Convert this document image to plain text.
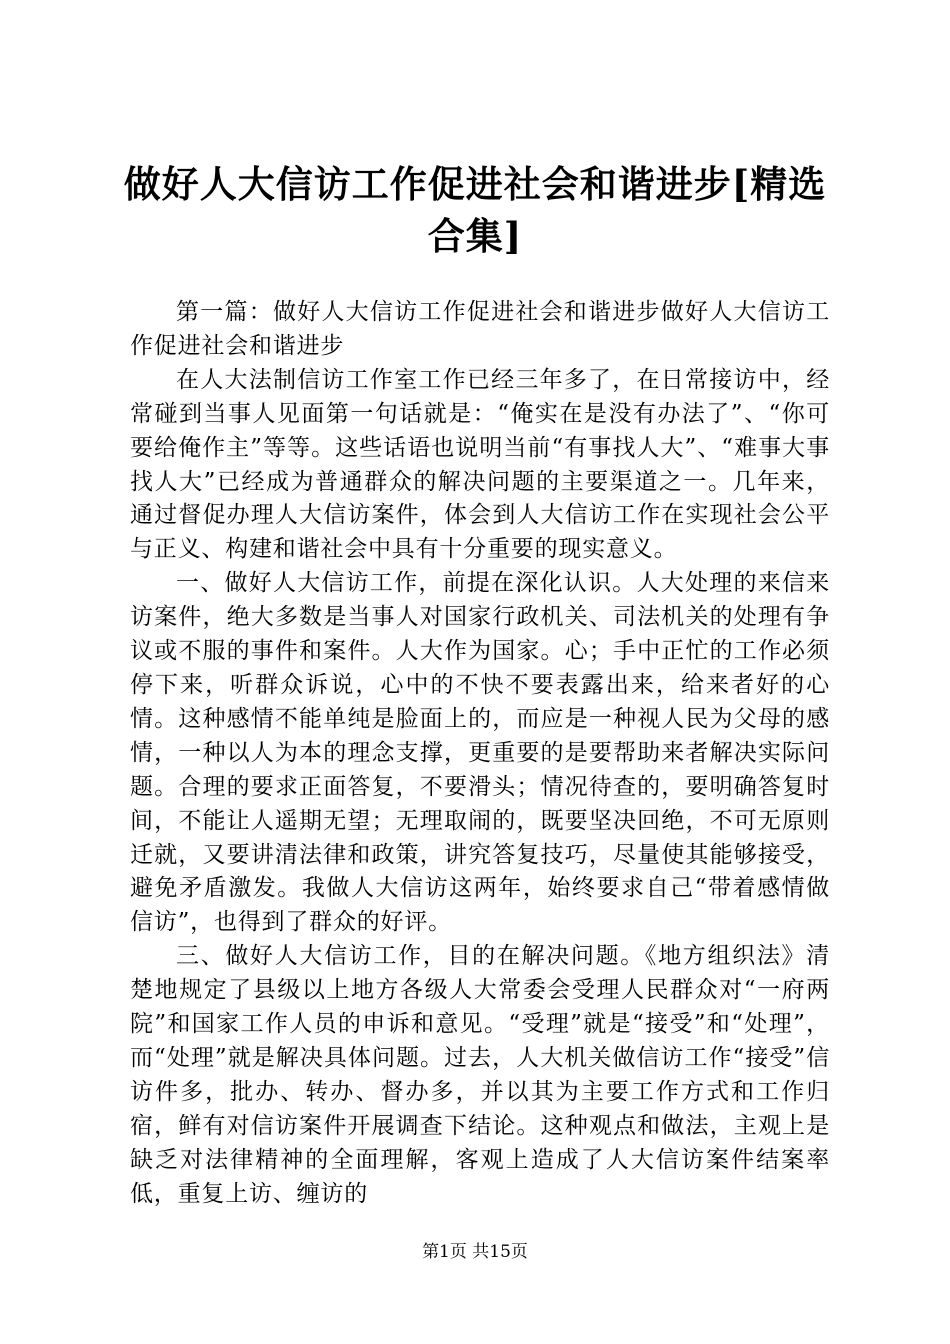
做好人大信访工作促进社会和谐进步[精选合集]

第一篇：做好人大信访工作促进社会和谐进步做好人大信访工作促进社会和谐进步

在人大法制信访工作室工作已经三年多了，在日常接访中，经常碰到当事人见面第一句话就是：“俺实在是没有办法了”、“你可要给俺作主”等等。这些话语也说明当前“有事找人大”、“难事大事找人大”已经成为普通群众的解决问题的主要渠道之一。几年来，通过督促办理人大信访案件，体会到人大信访工作在实现社会公平与正义、构建和谐社会中具有十分重要的现实意义。

一、做好人大信访工作，前提在深化认识。人大处理的来信来访案件，绝大多数是当事人对国家行政机关、司法机关的处理有争议或不服的事件和案件。人大作为国家。心；手中正忙的工作必须停下来，听群众诉说，心中的不快不要表露出来，给来者好的心情。这种感情不能单纯是脸面上的，而应是一种视人民为父母的感情，一种以人为本的理念支撑，更重要的是要帮助来者解决实际问题。合理的要求正面答复，不要滑头；情况待查的，要明确答复时间，不能让人遥期无望；无理取闹的，既要坚决回绝，不可无原则迁就，又要讲清法律和政策，讲究答复技巧，尽量使其能够接受，避免矛盾激发。我做人大信访这两年，始终要求自己“带着感情做信访”，也得到了群众的好评。

三、做好人大信访工作，目的在解决问题。《地方组织法》清楚地规定了县级以上地方各级人大常委会受理人民群众对“一府两院”和国家工作人员的申诉和意见。“受理”就是“接受”和“处理”，而“处理”就是解决具体问题。过去，人大机关做信访工作“接受”信访件多，批办、转办、督办多，并以其为主要工作方式和工作归宿，鲜有对信访案件开展调查下结论。这种观点和做法，主观上是缺乏对法律精神的全面理解，客观上造成了人大信访案件结案率低，重复上访、缠访的

第1页 共15页
